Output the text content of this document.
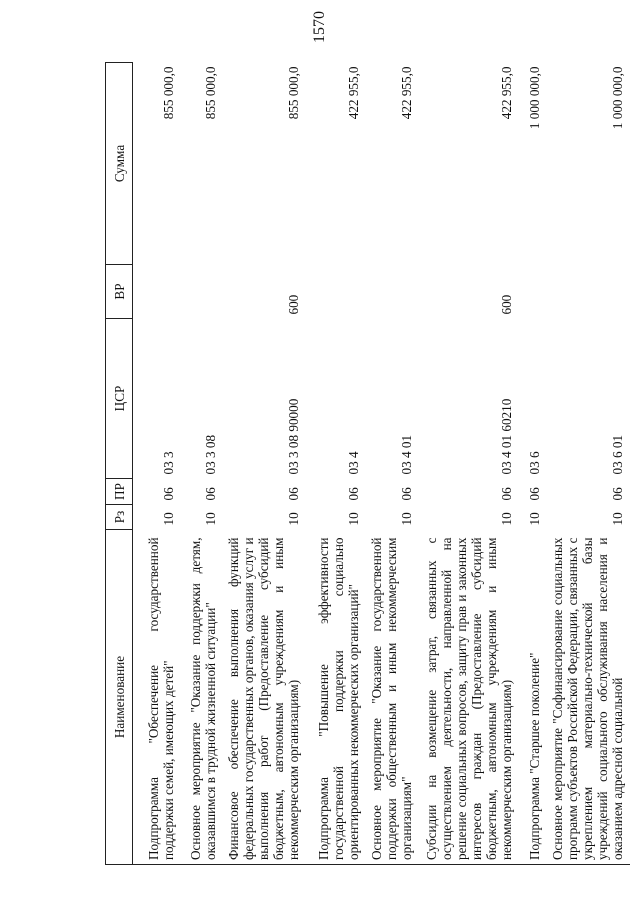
1570
Наименование	Рз	ПР	ЦСР	ВР	Сумма
Подпрограмма "Обеспечение государственной поддержки семей, имеющих детей"	10	06	03 3		855 000,0
Основное мероприятие "Оказание поддержки детям, оказавшимся в трудной жизненной ситуации"	10	06	03 3 08		855 000,0
Финансовое обеспечение выполнения функций федеральных государственных органов, оказания услуг и выполнения работ (Предоставление субсидий бюджетным, автономным учреждениям и иным некоммерческим организациям)	10	06	03 3 08 90000	600	855 000,0
Подпрограмма "Повышение эффективности государственной поддержки социально ориентированных некоммерческих организаций"	10	06	03 4		422 955,0
Основное мероприятие "Оказание государственной поддержки общественным и иным некоммерческим организациям"	10	06	03 4 01		422 955,0
Субсидии на возмещение затрат, связанных с осуществлением деятельности, направленной на решение социальных вопросов, защиту прав и законных интересов граждан (Предоставление субсидий бюджетным, автономным учреждениям и иным некоммерческим организациям)	10	06	03 4 01 60210	600	422 955,0
Подпрограмма "Старшее поколение"	10	06	03 6		1 000 000,0
Основное мероприятие "Софинансирование социальных программ субъектов Российской Федерации, связанных с укреплением материально-технической базы учреждений социального обслуживания населения и оказанием адресной социальной	10	06	03 6 01		1 000 000,0
